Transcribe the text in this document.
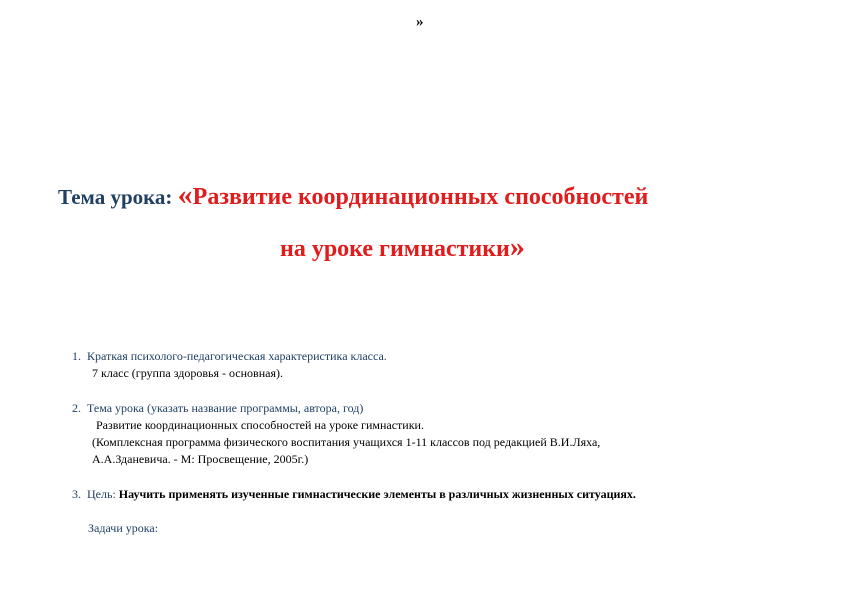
»
Тема урока: «Развитие координационных способностей
на уроке гимнастики»
1. Краткая психолого-педагогическая характеристика класса.
7 класс (группа здоровья - основная).
2. Тема урока (указать название программы, автора, год)
Развитие координационных способностей на уроке гимнастики.
(Комплексная программа физического воспитания учащихся 1-11 классов под редакцией В.И.Ляха,
А.А.Зданевича. - М: Просвещение, 2005г.)
3. Цель: Научить применять изученные гимнастические элементы в различных жизненных ситуациях.
Задачи урока:
